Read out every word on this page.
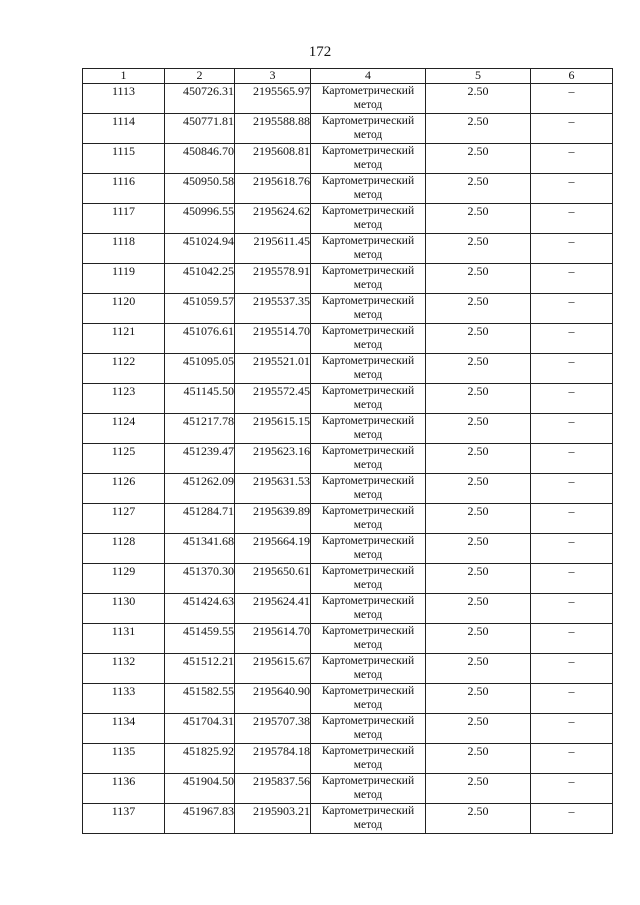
172
1	2	3	4	5	6
1113	450726.31	2195565.97	Картометрический метод	2.50	–
1114	450771.81	2195588.88	Картометрический метод	2.50	–
1115	450846.70	2195608.81	Картометрический метод	2.50	–
1116	450950.58	2195618.76	Картометрический метод	2.50	–
1117	450996.55	2195624.62	Картометрический метод	2.50	–
1118	451024.94	2195611.45	Картометрический метод	2.50	–
1119	451042.25	2195578.91	Картометрический метод	2.50	–
1120	451059.57	2195537.35	Картометрический метод	2.50	–
1121	451076.61	2195514.70	Картометрический метод	2.50	–
1122	451095.05	2195521.01	Картометрический метод	2.50	–
1123	451145.50	2195572.45	Картометрический метод	2.50	–
1124	451217.78	2195615.15	Картометрический метод	2.50	–
1125	451239.47	2195623.16	Картометрический метод	2.50	–
1126	451262.09	2195631.53	Картометрический метод	2.50	–
1127	451284.71	2195639.89	Картометрический метод	2.50	–
1128	451341.68	2195664.19	Картометрический метод	2.50	–
1129	451370.30	2195650.61	Картометрический метод	2.50	–
1130	451424.63	2195624.41	Картометрический метод	2.50	–
1131	451459.55	2195614.70	Картометрический метод	2.50	–
1132	451512.21	2195615.67	Картометрический метод	2.50	–
1133	451582.55	2195640.90	Картометрический метод	2.50	–
1134	451704.31	2195707.38	Картометрический метод	2.50	–
1135	451825.92	2195784.18	Картометрический метод	2.50	–
1136	451904.50	2195837.56	Картометрический метод	2.50	–
1137	451967.83	2195903.21	Картометрический метод	2.50	–
